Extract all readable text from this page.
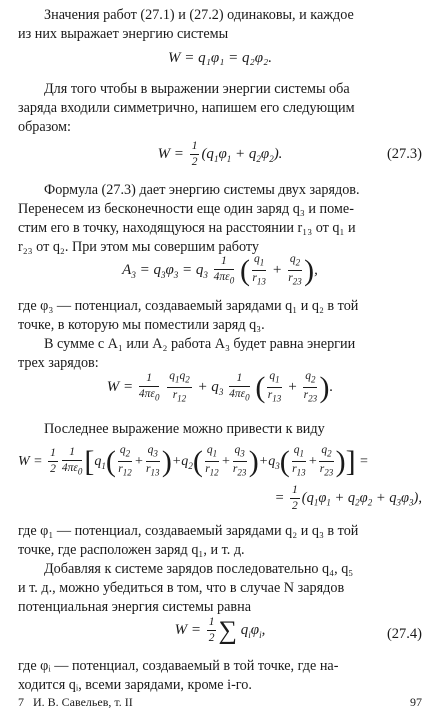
Значения работ (27.1) и (27.2) одинаковы, и каждое

из них выражает энергию системы

W = q₁φ₁ = q₂φ₂.

Для того чтобы в выражении энергии системы оба

заряда входили симметрично, напишем его следующим

образом:

$W = \frac{1}{2} (q_1\varphi_1 + q_2\varphi_2)$.	(27.3)

Формула (27.3) дает энергию системы двух зарядов.

Перенесем из бесконечности еще один заряд q₃ и поме-

стим его в точку, находящуюся на расстоянии r₁₃ от q₁ и

r₂₃ от q₂. При этом мы совершим работу

$A_3 = q_3\varphi_3 = q_3 \frac{1}{4\pi\varepsilon_0}$ ( $\frac{q_1}{r_{13}} + \frac{q_2}{r_{23}}$ ),

где φ₃ — потенциал, создаваемый зарядами q₁ и q₂ в той

точке, в которую мы поместили заряд q₃.

В сумме с A₁ или A₂ работа A₃ будет равна энергии

трех зарядов:

$W = \frac{1}{4\pi\varepsilon_0}$
$\frac{q_1q_2}{r_{12}} + q_3 \frac{1}{4\pi\varepsilon_0}$ ( $\frac{q_1}{r_{13}} + \frac{q_2}{r_{23}}$ ).

Последнее выражение можно привести к виду

$W = \frac{1}{2} \frac{1}{4\pi\varepsilon_0} [q_1( \frac{q_2}{r_{12}} + \frac{q_3}{r_{13}} )+q_2( \frac{q_1}{r_{12}} + \frac{q_3}{r_{23}} )+q_3( \frac{q_1}{r_{13}} + \frac{q_2}{r_{23}}$ )] =
= $\frac{1}{2} (q_1\varphi_1 + q_2\varphi_2 + q_3\varphi_3)$,

где φ₁ — потенциал, создаваемый зарядами q₂ и q₃ в той

точке, где расположен заряд q₁, и т. д.

Добавляя к системе зарядов последовательно q₄, q₅

и т. д., можно убедиться в том, что в случае N зарядов

потенциальная энергия системы равна

$W = \frac{1}{2}$ ∑ $q_i\varphi_i$,	(27.4)

где φᵢ — потенциал, создаваемый в той точке, где на-

ходится qᵢ, всеми зарядами, кроме i-го.

7   И. В. Савельев, т. II	97
